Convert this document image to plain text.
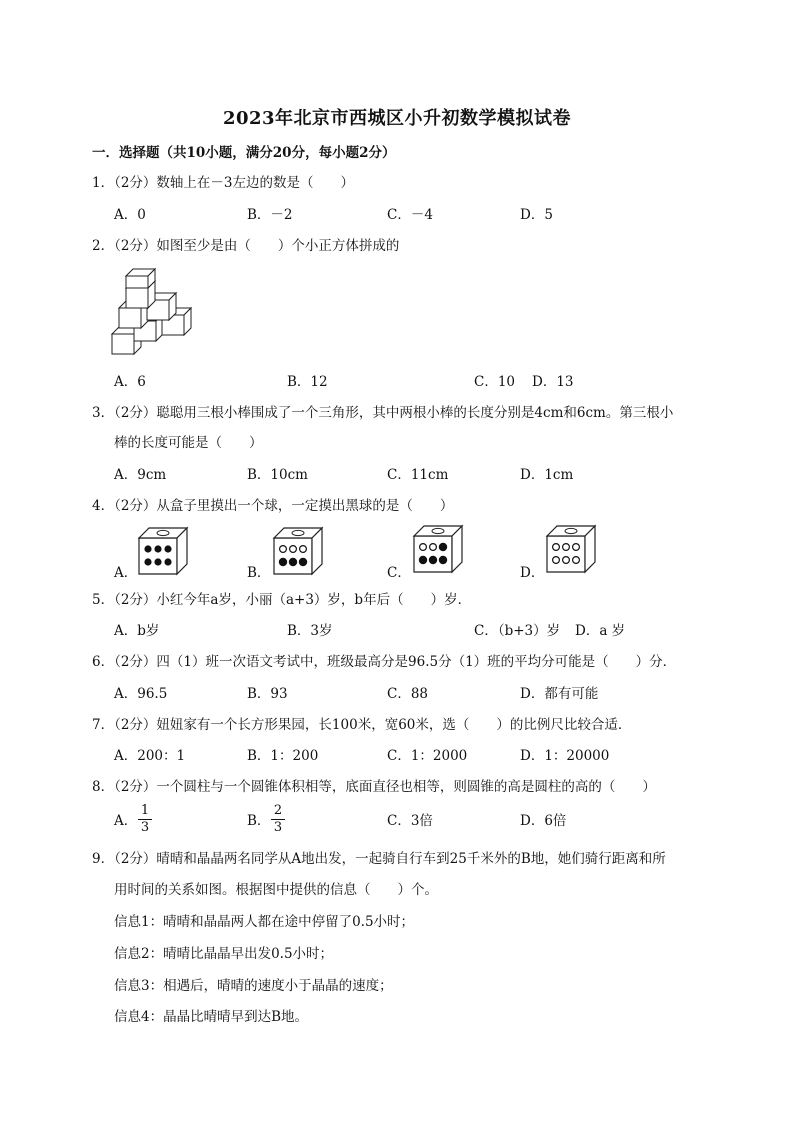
2023年北京市西城区小升初数学模拟试卷
一．选择题（共10小题，满分20分，每小题2分）
1．（2分）数轴上在－3左边的数是（　　）
A．0	B．－2	C．－4	D．5
2．（2分）如图至少是由（　　）个小正方体拼成的
A．6	B．12	C．10 D．13
3．（2分）聪聪用三根小棒围成了一个三角形，其中两根小棒的长度分别是4cm和6cm。第三根小
棒的长度可能是（　　）
A．9cm	B．10cm	C．11cm	D．1cm
4．（2分）从盒子里摸出一个球，一定摸出黑球的是（　　）
A．	B．	C．	D．
5．（2分）小红今年a岁，小丽（a+3）岁，b年后（　　）岁．
A．b岁	B．3岁	C．（b+3）岁 D．a 岁
6．（2分）四（1）班一次语文考试中，班级最高分是96.5分（1）班的平均分可能是（　　）分．
A．96.5	B．93	C．88	D．都有可能
7．（2分）妞妞家有一个长方形果园，长100米，宽60米，选（　　）的比例尺比较合适．
A．200：1	B．1：200	C．1：2000	D．1：20000
8．（2分）一个圆柱与一个圆锥体积相等，底面直径也相等，则圆锥的高是圆柱的高的（　　）
A．
1
3	B．
2
3	C．3倍	D．6倍
9．（2分）晴晴和晶晶两名同学从A地出发，一起骑自行车到25千米外的B地，她们骑行距离和所
用时间的关系如图。根据图中提供的信息（　　）个。
信息1：晴晴和晶晶两人都在途中停留了0.5小时；
信息2：晴晴比晶晶早出发0.5小时；
信息3：相遇后，晴晴的速度小于晶晶的速度；
信息4：晶晶比晴晴早到达B地。
